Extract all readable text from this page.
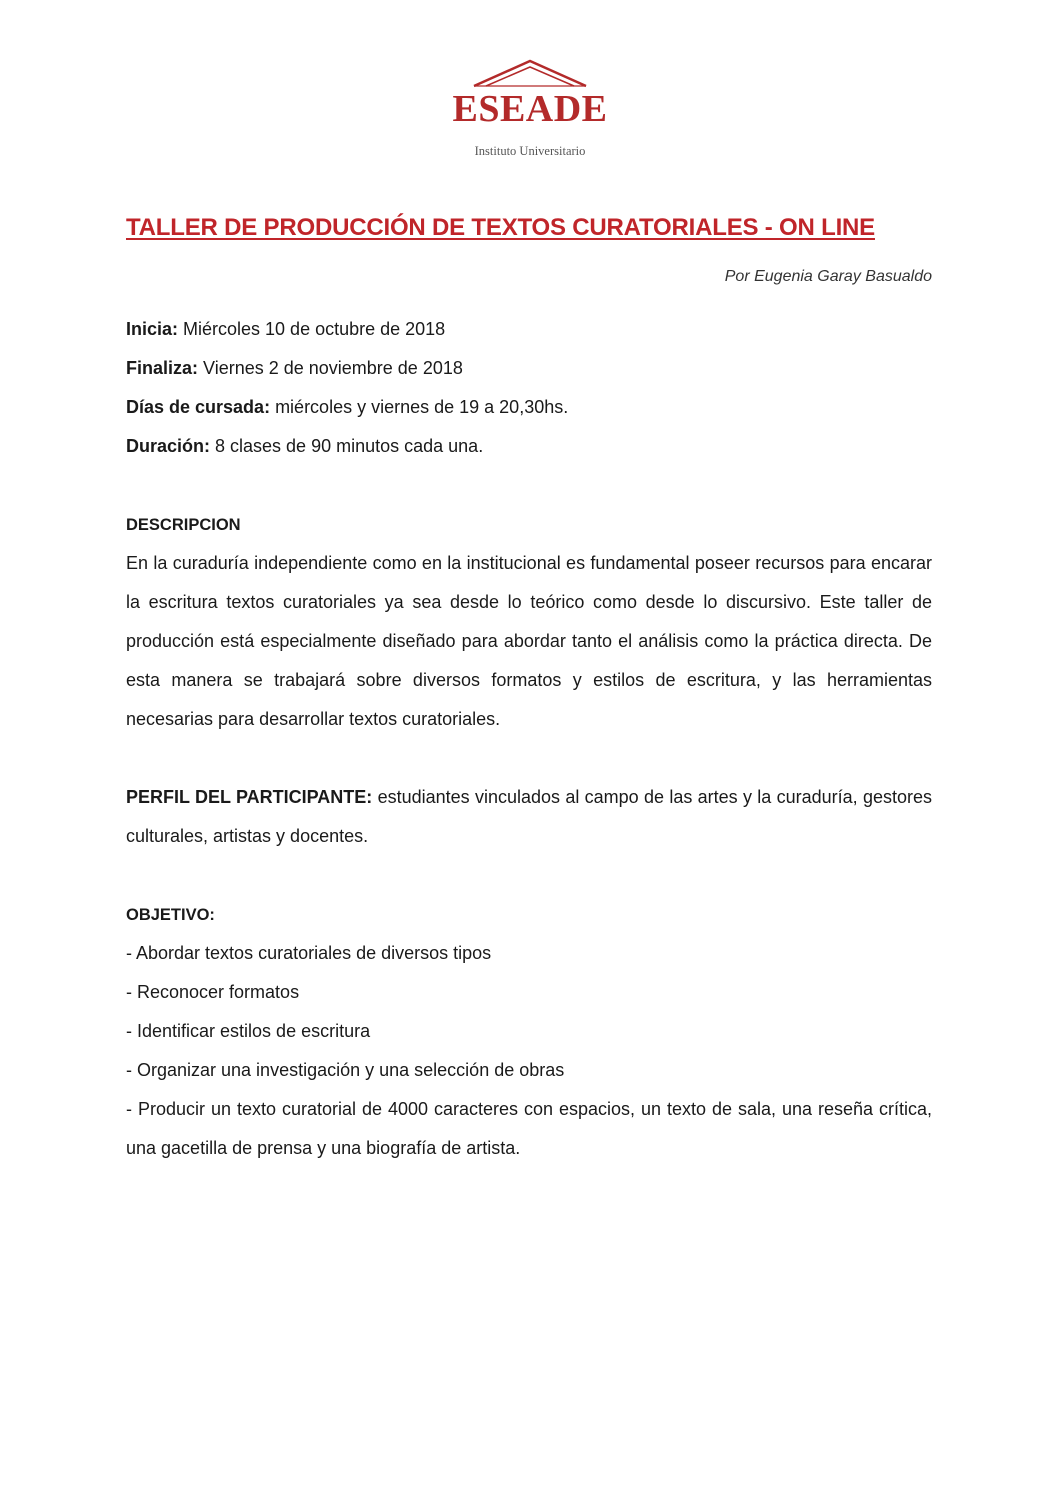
ESEADE
Instituto Universitario
TALLER DE PRODUCCIÓN DE TEXTOS CURATORIALES - ON LINE
Por Eugenia Garay Basualdo
Inicia: Miércoles 10 de octubre de 2018
Finaliza: Viernes 2 de noviembre de 2018
Días de cursada: miércoles y viernes de 19 a 20,30hs.
Duración: 8 clases de 90 minutos cada una.
DESCRIPCION
En la curaduría independiente como en la institucional es fundamental poseer recursos para encarar la escritura textos curatoriales ya sea desde lo teórico como desde lo discursivo. Este taller de producción está especialmente diseñado para abordar tanto el análisis como la práctica directa. De esta manera se trabajará sobre diversos formatos y estilos de escritura, y las herramientas necesarias para desarrollar textos curatoriales.
PERFIL DEL PARTICIPANTE: estudiantes vinculados al campo de las artes y la curaduría, gestores culturales, artistas y docentes.
OBJETIVO:
- Abordar textos curatoriales de diversos tipos
- Reconocer formatos
- Identificar estilos de escritura
- Organizar una investigación y una selección de obras
- Producir un texto curatorial de 4000 caracteres con espacios, un texto de sala, una reseña crítica, una gacetilla de prensa y una biografía de artista.
